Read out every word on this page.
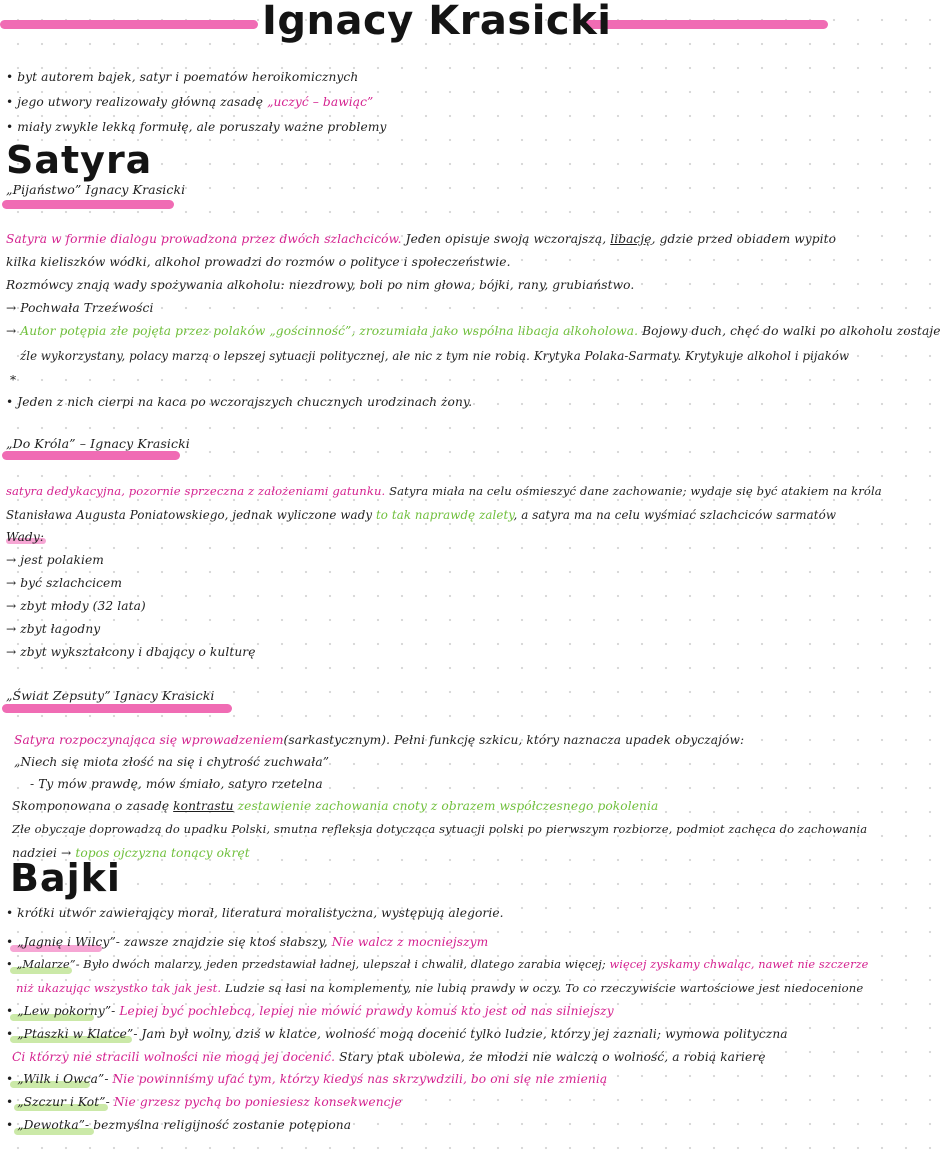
Ignacy Krasicki
• byt autorem bajek, satyr i poematów heroikomicznych
• jego utwory realizowały główną zasadę „uczyć – bawiąc”
• miały zwykle lekką formułę, ale poruszały ważne problemy
Satyra
„Pijaństwo” Ignacy Krasicki
Satyra w formie dialogu prowadzona przez dwóch szlachciców. Jeden opisuje swoją wczorajszą, libację, gdzie przed obiadem wypito
kilka kieliszków wódki, alkohol prowadzi do rozmów o polityce i społeczeństwie.
Rozmówcy znają wady spożywania alkoholu: niezdrowy, boli po nim głowa, bójki, rany, grubiaństwo.
→ Pochwała Trzeźwości
→ Autor potępia złe pojęta przez polaków „gościnność”, zrozumiała jako wspólna libacja alkoholowa. Bojowy duch, chęć do walki po alkoholu zostaje
źle wykorzystany, polacy marzą o lepszej sytuacji politycznej, ale nic z tym nie robią. Krytyka Polaka-Sarmaty. Krytykuje alkohol i pijaków
*
• Jeden z nich cierpi na kaca po wczorajszych chucznych urodzinach żony.
„Do Króla” – Ignacy Krasicki
satyra dedykacyjna, pozornie sprzeczna z założeniami gatunku. Satyra miała na celu ośmieszyć dane zachowanie; wydaje się być atakiem na króla
Stanisława Augusta Poniatowskiego, jednak wyliczone wady to tak naprawdę zalety, a satyra ma na celu wyśmiać szlachciców sarmatów
Wady:
→ jest polakiem
→ być szlachcicem
→ zbyt młody (32 lata)
→ zbyt łagodny
→ zbyt wykształcony i dbający o kulturę
„Świat Zepsuty” Ignacy Krasicki
Satyra rozpoczynająca się wprowadzeniem(sarkastycznym). Pełni funkcję szkicu, który naznacza upadek obyczajów:
„Niech się miota złość na się i chytrość zuchwała”
- Ty mów prawdę, mów śmiało, satyro rzetelna
Skomponowana o zasadę kontrastu zestawienie zachowania cnoty z obrazem współczesnego pokolenia
Złe obyczaje doprowadzą do upadku Polski, smutna refleksja dotycząca sytuacji polski po pierwszym rozbiorze, podmiot zachęca do zachowania
nadziei → topos ojczyzna tonący okręt
Bajki
• krótki utwór zawierający morał, literatura moralistyczna, występują alegorie.
• „Jagnię i Wilcy”- zawsze znajdzie się ktoś słabszy, Nie walcz z mocniejszym
• „Malarze”- Było dwóch malarzy, jeden przedstawiał ładnej, ulepszał i chwalił, dlatego zarabia więcej; więcej zyskamy chwaląc, nawet nie szczerze
niż ukazując wszystko tak jak jest. Ludzie są łasi na komplementy, nie lubią prawdy w oczy. To co rzeczywiście wartościowe jest niedocenione
• „Lew pokorny”- Lepiej być pochlebcą, lepiej nie mówić prawdy komuś kto jest od nas silniejszy
• „Ptaszki w Klatce”- Jam był wolny, dziś w klatce, wolność mogą docenić tylko ludzie, którzy jej zaznali; wymowa polityczna
Ci którzy nie stracili wolności nie mogą jej docenić. Stary ptak ubolewa, że młodzi nie walczą o wolność, a robią karierę
• „Wilk i Owca”- Nie powinniśmy ufać tym, którzy kiedyś nas skrzywdzili, bo oni się nie zmienią
• „Szczur i Kot”- Nie grzesz pychą bo poniesiesz konsekwencje
• „Dewotka”- bezmyślna religijność zostanie potępiona
